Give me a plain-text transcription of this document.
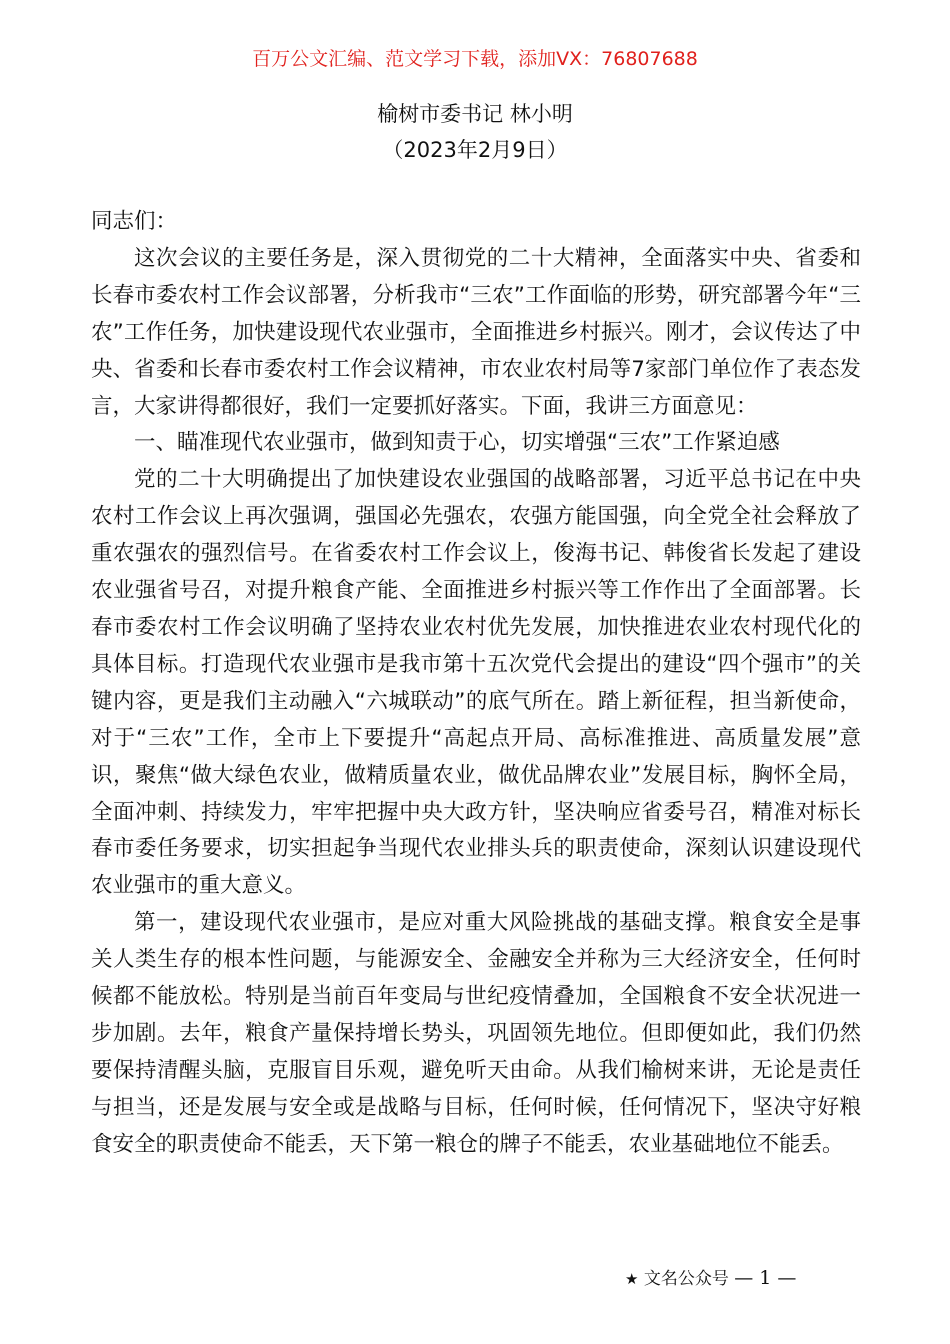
百万公文汇编、范文学习下载，添加VX：76807688
榆树市委书记 林小明
（2023年2月9日）

同志们：

这次会议的主要任务是，深入贯彻党的二十大精神，全面落实中央、省委和长春市委农村工作会议部署，分析我市“三农”工作面临的形势，研究部署今年“三农”工作任务，加快建设现代农业强市，全面推进乡村振兴。刚才，会议传达了中央、省委和长春市委农村工作会议精神，市农业农村局等7家部门单位作了表态发言，大家讲得都很好，我们一定要抓好落实。下面，我讲三方面意见：

一、瞄准现代农业强市，做到知责于心，切实增强“三农”工作紧迫感

党的二十大明确提出了加快建设农业强国的战略部署，习近平总书记在中央农村工作会议上再次强调，强国必先强农，农强方能国强，向全党全社会释放了重农强农的强烈信号。在省委农村工作会议上，俊海书记、韩俊省长发起了建设农业强省号召，对提升粮食产能、全面推进乡村振兴等工作作出了全面部署。长春市委农村工作会议明确了坚持农业农村优先发展，加快推进农业农村现代化的具体目标。打造现代农业强市是我市第十五次党代会提出的建设“四个强市”的关键内容，更是我们主动融入“六城联动”的底气所在。踏上新征程，担当新使命，对于“三农”工作，全市上下要提升“高起点开局、高标准推进、高质量发展”意识，聚焦“做大绿色农业，做精质量农业，做优品牌农业”发展目标，胸怀全局，全面冲刺、持续发力，牢牢把握中央大政方针，坚决响应省委号召，精准对标长春市委任务要求，切实担起争当现代农业排头兵的职责使命，深刻认识建设现代农业强市的重大意义。

第一，建设现代农业强市，是应对重大风险挑战的基础支撑。粮食安全是事关人类生存的根本性问题，与能源安全、金融安全并称为三大经济安全，任何时候都不能放松。特别是当前百年变局与世纪疫情叠加，全国粮食不安全状况进一步加剧。去年，粮食产量保持增长势头，巩固领先地位。但即便如此，我们仍然要保持清醒头脑，克服盲目乐观，避免听天由命。从我们榆树来讲，无论是责任与担当，还是发展与安全或是战略与目标，任何时候，任何情况下，坚决守好粮食安全的职责使命不能丢，天下第一粮仓的牌子不能丢，农业基础地位不能丢。

★ 文名公众号 — 1 —
